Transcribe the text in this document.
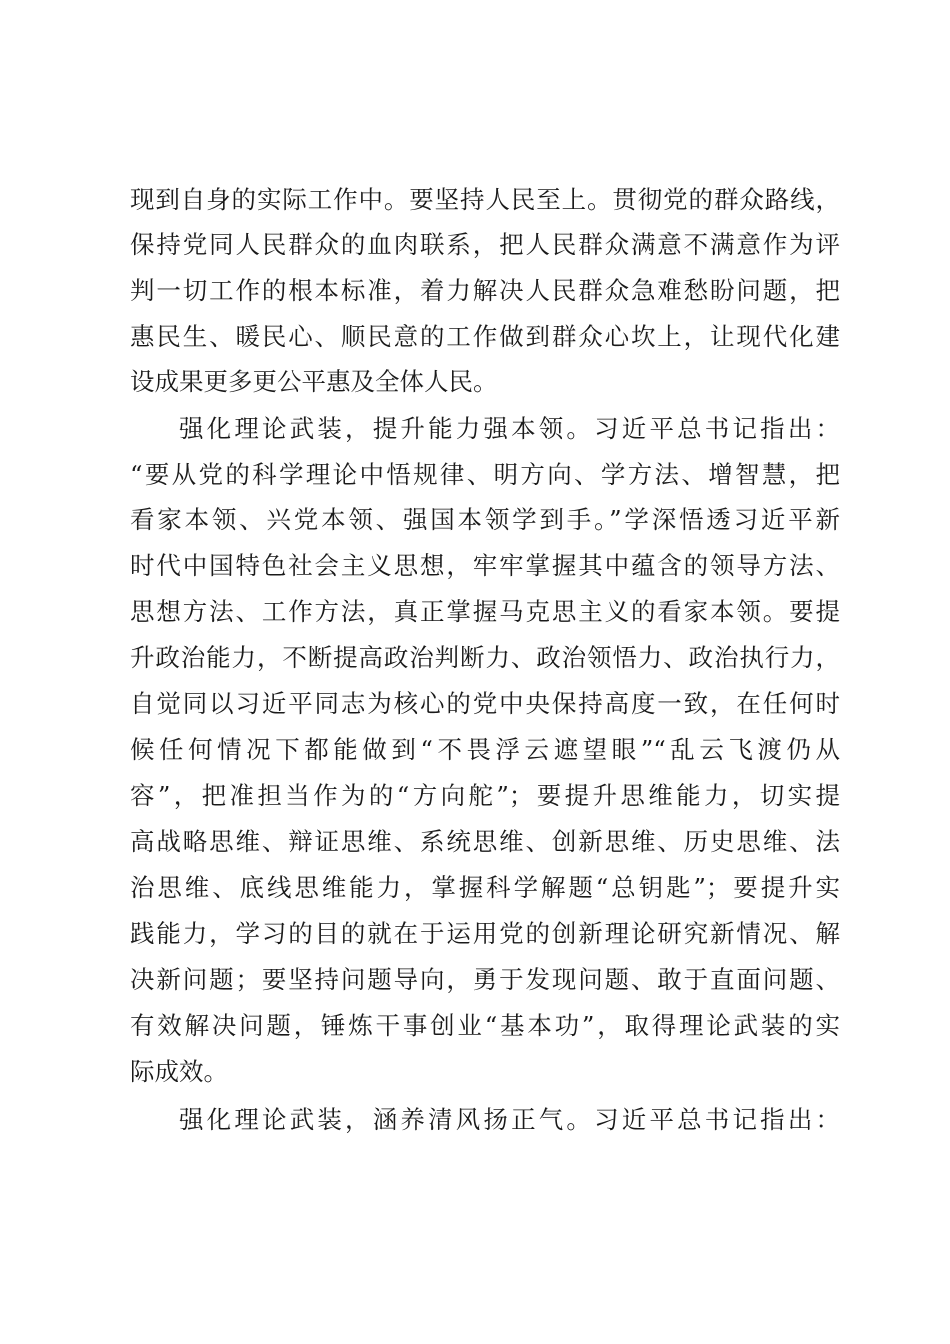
现到自身的实际工作中。要坚持人民至上。贯彻党的群众路线，
保持党同人民群众的血肉联系，把人民群众满意不满意作为评
判一切工作的根本标准，着力解决人民群众急难愁盼问题，把
惠民生、暖民心、顺民意的工作做到群众心坎上，让现代化建
设成果更多更公平惠及全体人民。
强化理论武装，提升能力强本领。习近平总书记指出：
“要从党的科学理论中悟规律、明方向、学方法、增智慧，把
看家本领、兴党本领、强国本领学到手。”学深悟透习近平新
时代中国特色社会主义思想，牢牢掌握其中蕴含的领导方法、
思想方法、工作方法，真正掌握马克思主义的看家本领。要提
升政治能力，不断提高政治判断力、政治领悟力、政治执行力，
自觉同以习近平同志为核心的党中央保持高度一致，在任何时
候任何情况下都能做到“不畏浮云遮望眼”“乱云飞渡仍从
容”，把准担当作为的“方向舵”；要提升思维能力，切实提
高战略思维、辩证思维、系统思维、创新思维、历史思维、法
治思维、底线思维能力，掌握科学解题“总钥匙”；要提升实
践能力，学习的目的就在于运用党的创新理论研究新情况、解
决新问题；要坚持问题导向，勇于发现问题、敢于直面问题、
有效解决问题，锤炼干事创业“基本功”，取得理论武装的实
际成效。
强化理论武装，涵养清风扬正气。习近平总书记指出：
